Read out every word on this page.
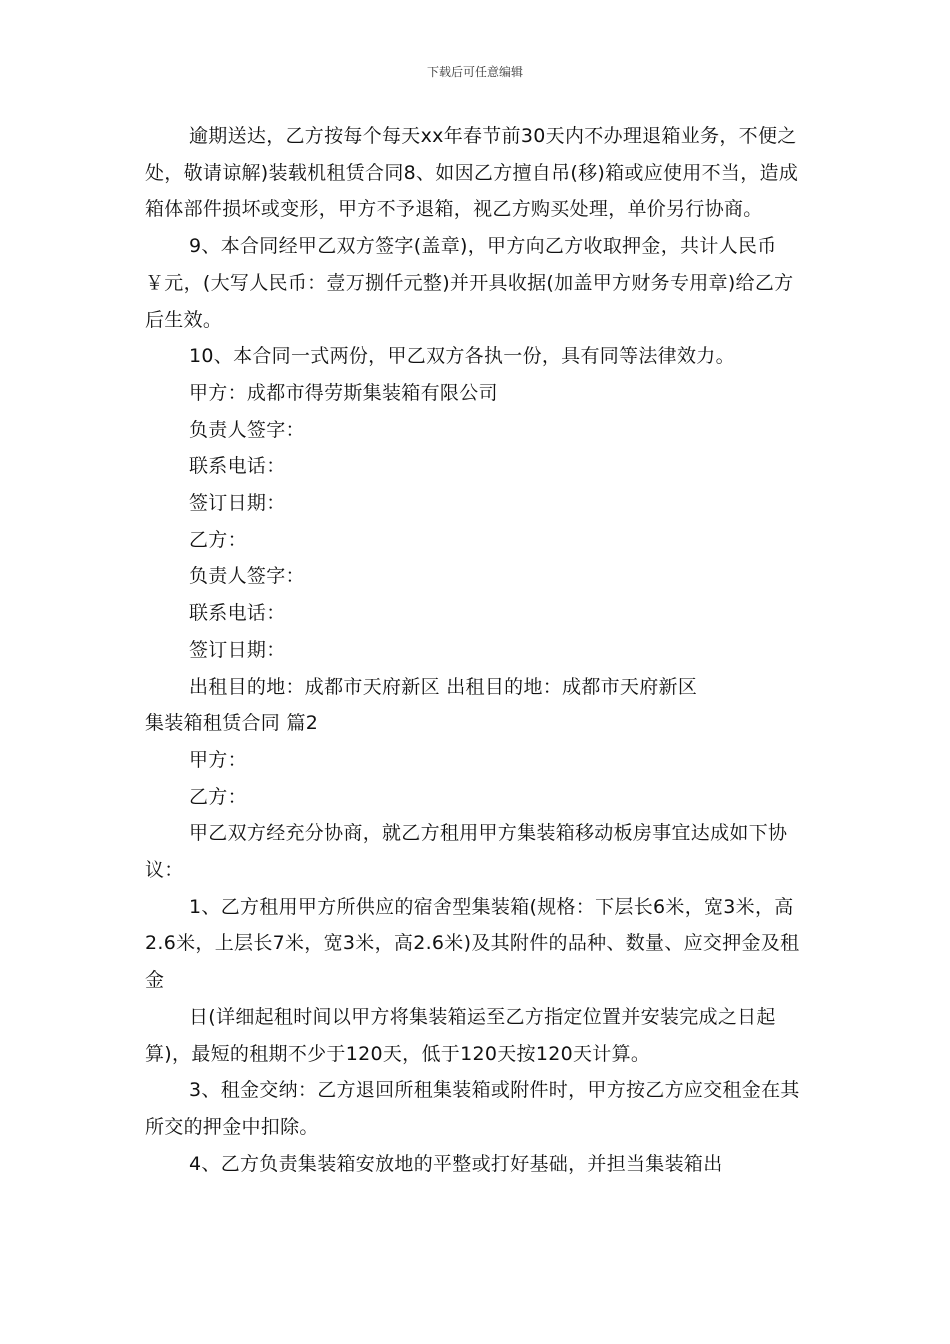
下载后可任意编辑

逾期送达，乙方按每个每天xx年春节前30天内不办理退箱业务，不便之处，敬请谅解)装载机租赁合同8、如因乙方擅自吊(移)箱或应使用不当，造成箱体部件损坏或变形，甲方不予退箱，视乙方购买处理，单价另行协商。

9、本合同经甲乙双方签字(盖章)，甲方向乙方收取押金，共计人民币￥元，(大写人民币：壹万捌仟元整)并开具收据(加盖甲方财务专用章)给乙方后生效。

10、本合同一式两份，甲乙双方各执一份，具有同等法律效力。

甲方：成都市得劳斯集装箱有限公司

负责人签字：

联系电话：

签订日期：

乙方：

负责人签字：

联系电话：

签订日期：

出租目的地：成都市天府新区 出租目的地：成都市天府新区

集装箱租赁合同 篇2

甲方：

乙方：

甲乙双方经充分协商，就乙方租用甲方集装箱移动板房事宜达成如下协议：

1、乙方租用甲方所供应的宿舍型集装箱(规格：下层长6米，宽3米，高2.6米，上层长7米，宽3米，高2.6米)及其附件的品种、数量、应交押金及租金

日(详细起租时间以甲方将集装箱运至乙方指定位置并安装完成之日起算)，最短的租期不少于120天，低于120天按120天计算。

3、租金交纳：乙方退回所租集装箱或附件时，甲方按乙方应交租金在其所交的押金中扣除。

4、乙方负责集装箱安放地的平整或打好基础，并担当集装箱出
